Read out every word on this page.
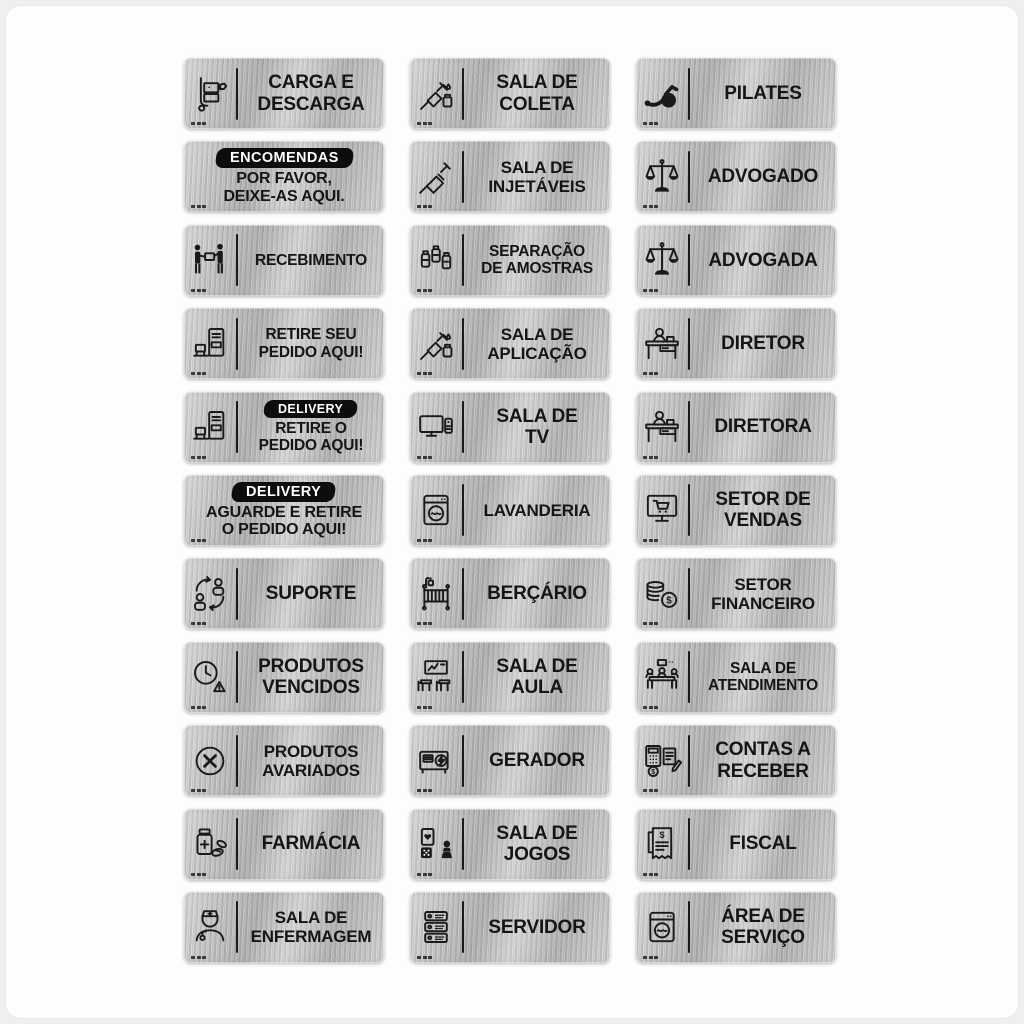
CARGA E
DESCARGA
ENCOMENDAS
POR FAVOR,
DEIXE-AS AQUI.
RECEBIMENTO
RETIRE SEU
PEDIDO AQUI!
DELIVERY
RETIRE O
PEDIDO AQUI!
DELIVERY
AGUARDE E RETIRE
O PEDIDO AQUI!
SUPORTE
PRODUTOS
VENCIDOS
PRODUTOS
AVARIADOS
FARMÁCIA
SALA DE
ENFERMAGEM
SALA DE
COLETA
SALA DE
INJETÁVEIS
SEPARAÇÃO
DE AMOSTRAS
SALA DE
APLICAÇÃO
SALA DE
TV
LAVANDERIA
BERÇÁRIO
SALA DE
AULA
GERADOR
SALA DE
JOGOS
SERVIDOR
PILATES
ADVOGADO
ADVOGADA
DIRETOR
DIRETORA
SETOR DE
VENDAS
$
SETOR
FINANCEIRO
SALA DE
ATENDIMENTO
$
CONTAS A
RECEBER
$	FISCAL
ÁREA DE
SERVIÇO
